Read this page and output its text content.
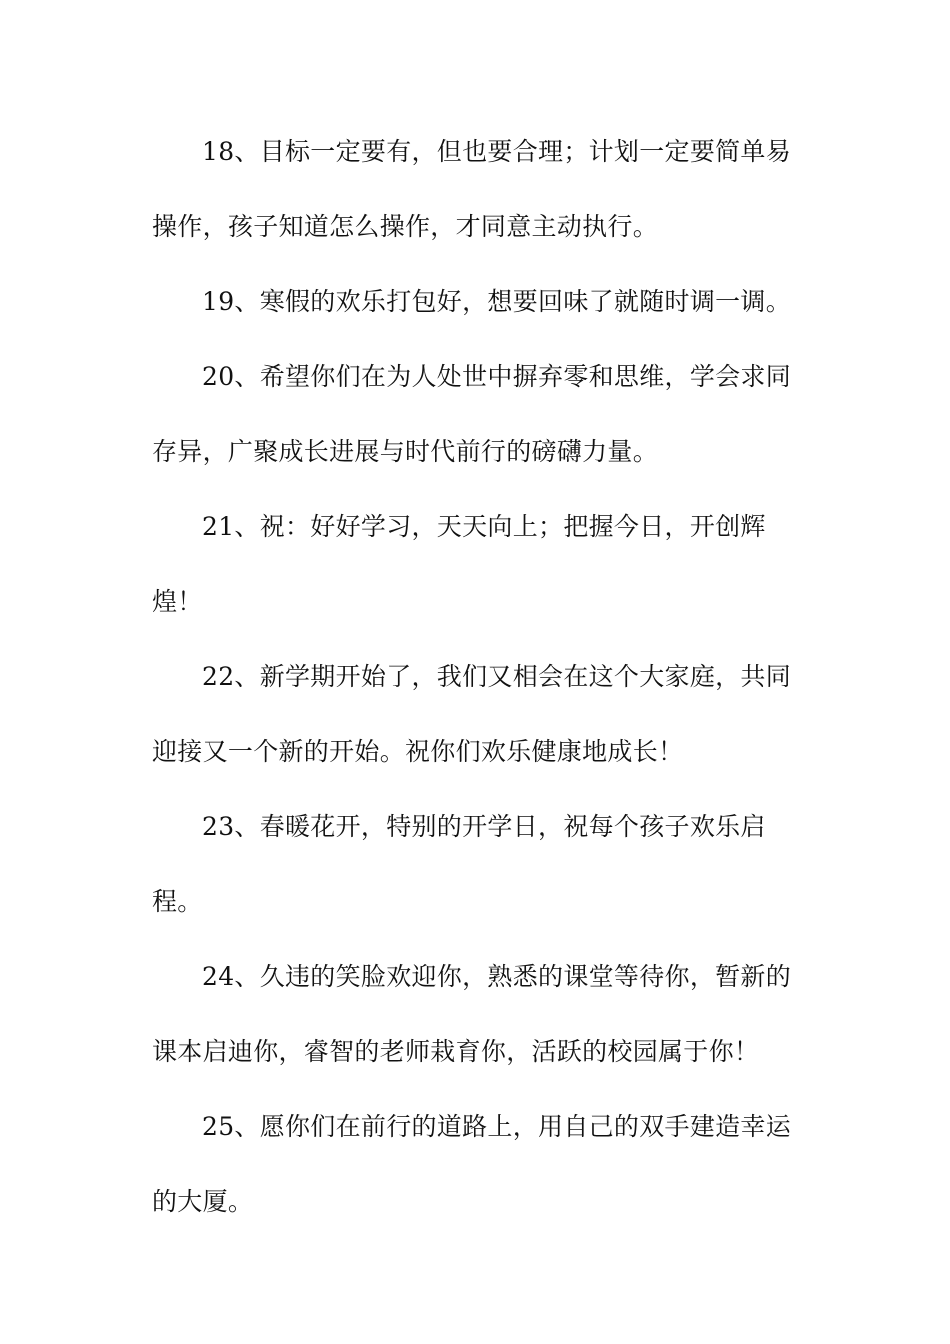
18、目标一定要有，但也要合理；计划一定要简单易
操作，孩子知道怎么操作，才同意主动执行。
19、寒假的欢乐打包好，想要回味了就随时调一调。
20、希望你们在为人处世中摒弃零和思维，学会求同
存异，广聚成长进展与时代前行的磅礴力量。
21、祝：好好学习，天天向上；把握今日，开创辉
煌！
22、新学期开始了，我们又相会在这个大家庭，共同
迎接又一个新的开始。祝你们欢乐健康地成长！
23、春暖花开，特别的开学日，祝每个孩子欢乐启
程。
24、久违的笑脸欢迎你，熟悉的课堂等待你，暂新的
课本启迪你，睿智的老师栽育你，活跃的校园属于你！
25、愿你们在前行的道路上，用自己的双手建造幸运
的大厦。
